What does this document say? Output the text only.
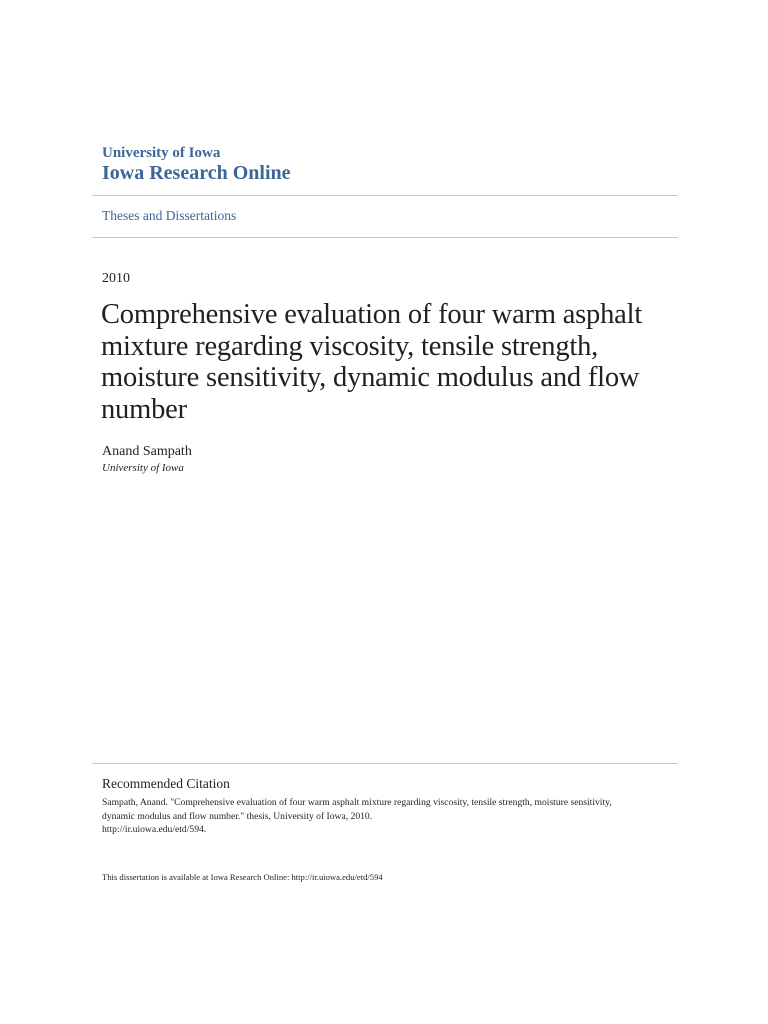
University of Iowa
Iowa Research Online
Theses and Dissertations
2010
Comprehensive evaluation of four warm asphalt mixture regarding viscosity, tensile strength, moisture sensitivity, dynamic modulus and flow number
Anand Sampath
University of Iowa
Recommended Citation
Sampath, Anand. "Comprehensive evaluation of four warm asphalt mixture regarding viscosity, tensile strength, moisture sensitivity,
dynamic modulus and flow number." thesis, University of Iowa, 2010.
http://ir.uiowa.edu/etd/594.
This dissertation is available at Iowa Research Online: http://ir.uiowa.edu/etd/594
